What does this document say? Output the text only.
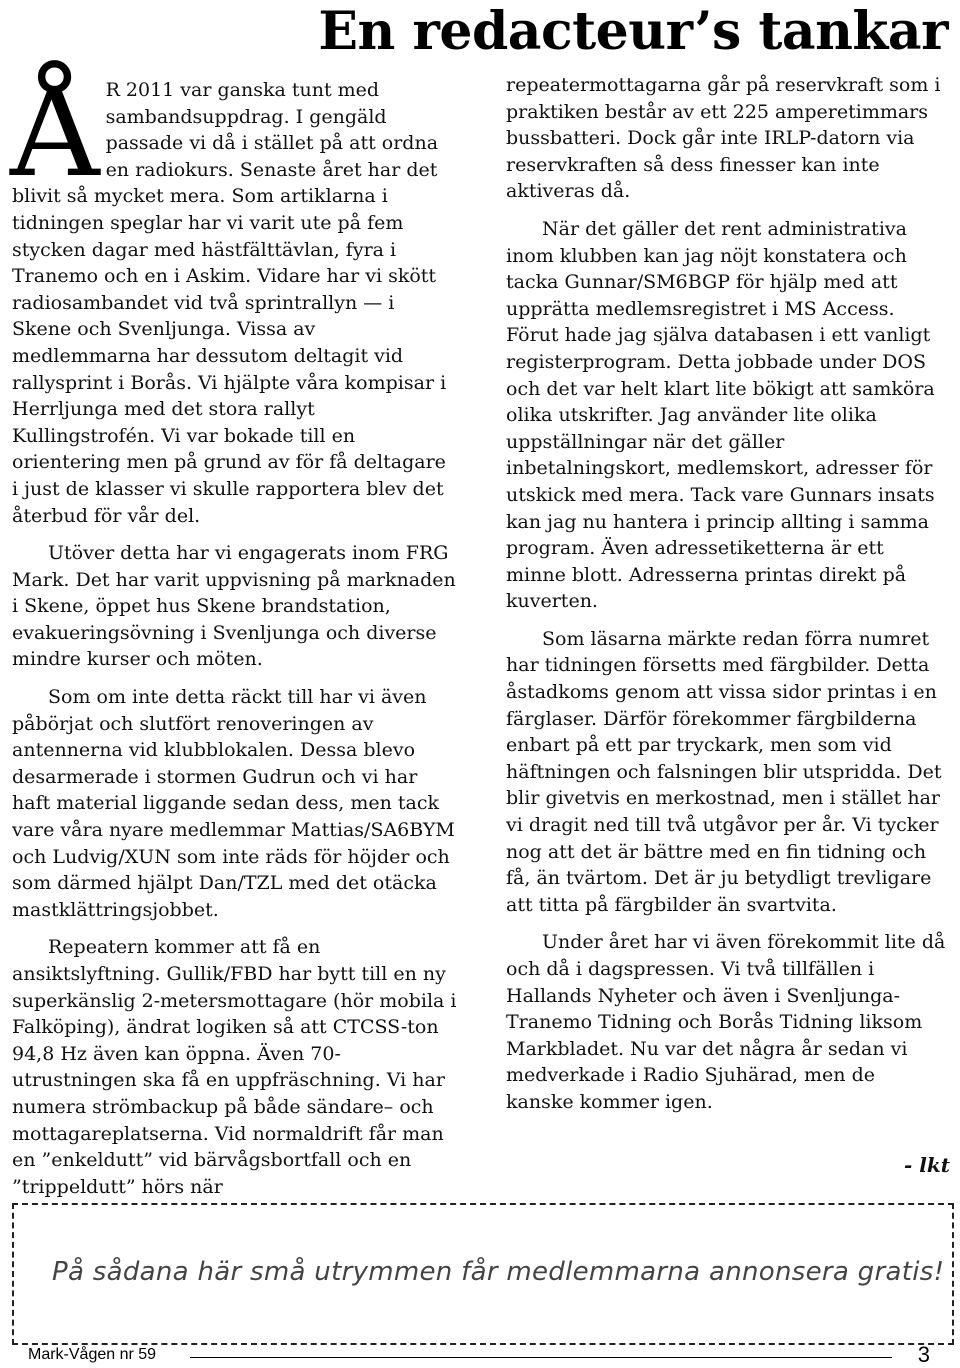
En redacteur’s tankar

Å R 2011 var ganska tunt med sambandsuppdrag. I gengäld passade vi då i stället på att ordna en radiokurs. Senaste året har det blivit så mycket mera. Som artiklarna i tidningen speglar har vi varit ute på fem stycken dagar med hästfälttävlan, fyra i Tranemo och en i Askim. Vidare har vi skött radiosambandet vid två sprintrallyn — i Skene och Svenljunga. Vissa av medlemmarna har dessutom deltagit vid rallysprint i Borås. Vi hjälpte våra kompisar i Herrljunga med det stora rallyt Kullingstrofén. Vi var bokade till en orientering men på grund av för få deltagare i just de klasser vi skulle rapportera blev det återbud för vår del.

Utöver detta har vi engagerats inom FRG Mark. Det har varit uppvisning på marknaden i Skene, öppet hus Skene brandstation, evakueringsövning i Svenljunga och diverse mindre kurser och möten.

Som om inte detta räckt till har vi även påbörjat och slutfört renoveringen av antennerna vid klubblokalen. Dessa blevo desarmerade i stormen Gudrun och vi har haft material liggande sedan dess, men tack vare våra nyare medlemmar Mattias/SA6BYM och Ludvig/XUN som inte räds för höjder och som därmed hjälpt Dan/TZL med det otäcka mastklättringsjobbet.

Repeatern kommer att få en ansiktslyftning. Gullik/FBD har bytt till en ny superkänslig 2-metersmottagare (hör mobila i Falköping), ändrat logiken så att CTCSS-ton 94,8 Hz även kan öppna. Även 70-utrustningen ska få en uppfräschning. Vi har numera strömbackup på både sändare– och mottagareplatserna. Vid normaldrift får man en ”enkeldutt” vid bärvågsbortfall och en ”trippeldutt” hörs när

repeatermottagarna går på reservkraft som i praktiken består av ett 225 amperetimmars bussbatteri. Dock går inte IRLP-datorn via reservkraften så dess finesser kan inte aktiveras då.

När det gäller det rent administrativa inom klubben kan jag nöjt konstatera och tacka Gunnar/SM6BGP för hjälp med att upprätta medlemsregistret i MS Access. Förut hade jag själva databasen i ett vanligt registerprogram. Detta jobbade under DOS och det var helt klart lite bökigt att samköra olika utskrifter. Jag använder lite olika uppställningar när det gäller inbetalningskort, medlemskort, adresser för utskick med mera. Tack vare Gunnars insats kan jag nu hantera i princip allting i samma program. Även adressetiketterna är ett minne blott. Adresserna printas direkt på kuverten.

Som läsarna märkte redan förra numret har tidningen försetts med färgbilder. Detta åstadkoms genom att vissa sidor printas i en färglaser. Därför förekommer färgbilderna enbart på ett par tryckark, men som vid häftningen och falsningen blir utspridda. Det blir givetvis en merkostnad, men i stället har vi dragit ned till två utgåvor per år. Vi tycker nog att det är bättre med en fin tidning och få, än tvärtom. Det är ju betydligt trevligare att titta på färgbilder än svartvita.

Under året har vi även förekommit lite då och då i dagspressen. Vi två tillfällen i Hallands Nyheter och även i Svenljunga-Tranemo Tidning och Borås Tidning liksom Markbladet. Nu var det några år sedan vi medverkade i Radio Sjuhärad, men de kanske kommer igen.

- lkt
På sådana här små utrymmen får medlemmarna annonsera gratis!
Mark-Vågen nr 59	3
